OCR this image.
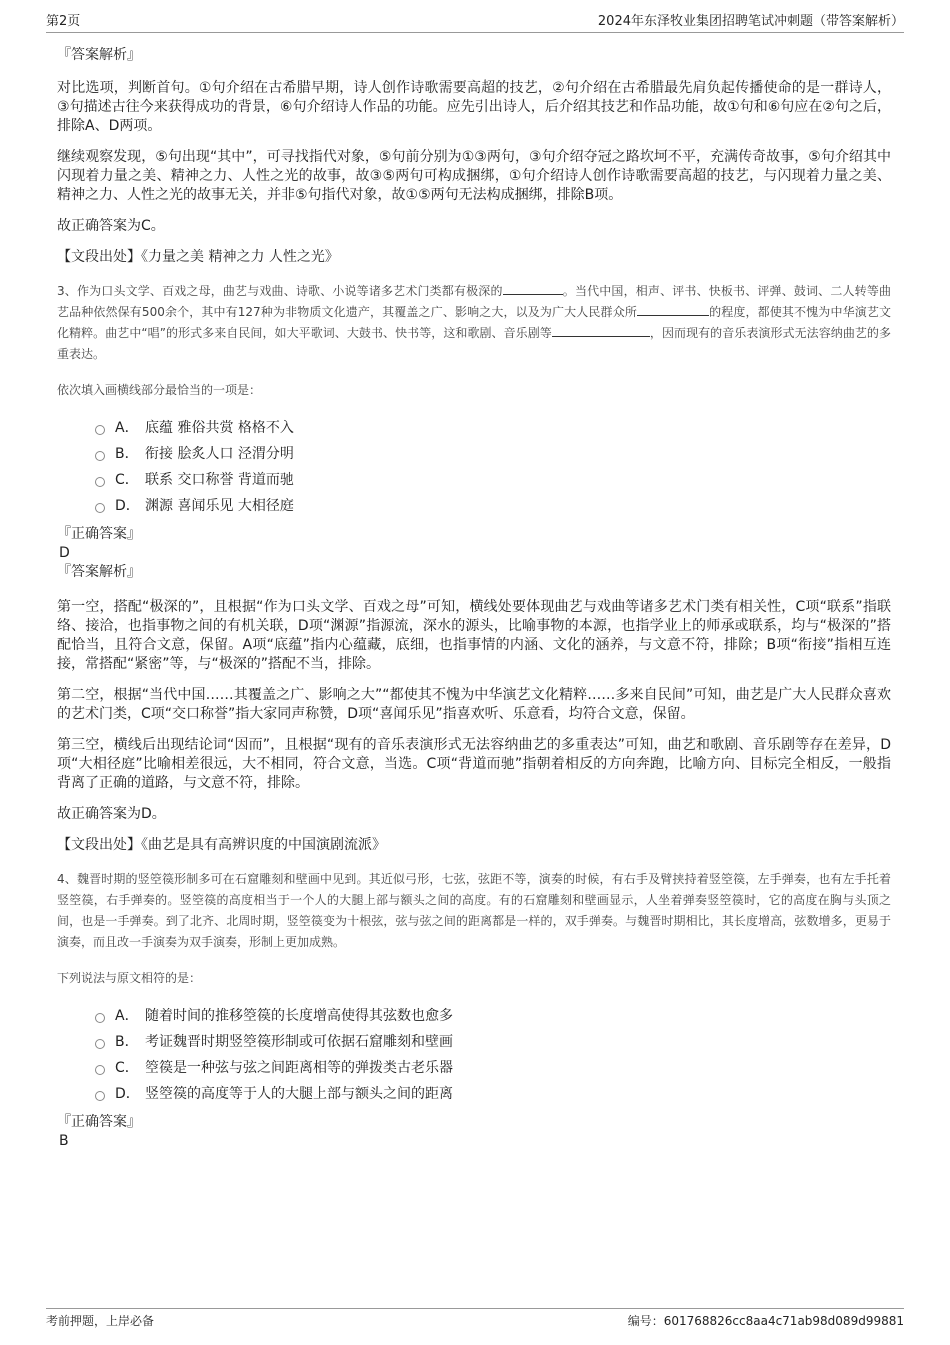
第2页	2024年东泽牧业集团招聘笔试冲刺题（带答案解析）
『答案解析』
对比选项，判断首句。①句介绍在古希腊早期，诗人创作诗歌需要高超的技艺，②句介绍在古希腊最先肩负起传播使命的是一群诗人，③句描述古往今来获得成功的背景，⑥句介绍诗人作品的功能。应先引出诗人，后介绍其技艺和作品功能，故①句和⑥句应在②句之后，排除A、D两项。
继续观察发现，⑤句出现“其中”，可寻找指代对象，⑤句前分别为①③两句，③句介绍夺冠之路坎坷不平，充满传奇故事，⑤句介绍其中闪现着力量之美、精神之力、人性之光的故事，故③⑤两句可构成捆绑，①句介绍诗人创作诗歌需要高超的技艺，与闪现着力量之美、精神之力、人性之光的故事无关，并非⑤句指代对象，故①⑤两句无法构成捆绑，排除B项。
故正确答案为C。
【文段出处】《力量之美 精神之力 人性之光》
3、作为口头文学、百戏之母，曲艺与戏曲、诗歌、小说等诸多艺术门类都有极深的	。当代中国，相声、评书、快板书、评弹、鼓词、二人转等曲艺品种依然保有500余个，其中有127种为非物质文化遗产，其覆盖之广、影响之大，以及为广大人民群众所	的程度，都使其不愧为中华演艺文化精粹。曲艺中“唱”的形式多来自民间，如大平歌词、大鼓书、快书等，这和歌剧、音乐剧等	，因而现有的音乐表演形式无法容纳曲艺的多重表达。
依次填入画横线部分最恰当的一项是：
A． 底蕴 雅俗共赏 格格不入
B． 衔接 脍炙人口 泾渭分明
C． 联系 交口称誉 背道而驰
D． 渊源 喜闻乐见 大相径庭
『正确答案』
D
『答案解析』
第一空，搭配“极深的”，且根据“作为口头文学、百戏之母”可知，横线处要体现曲艺与戏曲等诸多艺术门类有相关性，C项“联系”指联络、接洽，也指事物之间的有机关联，D项“渊源”指源流，深水的源头，比喻事物的本源，也指学业上的师承或联系，均与“极深的”搭配恰当，且符合文意，保留。A项“底蕴”指内心蕴藏，底细，也指事情的内涵、文化的涵养，与文意不符，排除；B项“衔接”指相互连接，常搭配“紧密”等，与“极深的”搭配不当，排除。
第二空，根据“当代中国……其覆盖之广、影响之大”“都使其不愧为中华演艺文化精粹……多来自民间”可知，曲艺是广大人民群众喜欢的艺术门类，C项“交口称誉”指大家同声称赞，D项“喜闻乐见”指喜欢听、乐意看，均符合文意，保留。
第三空，横线后出现结论词“因而”，且根据“现有的音乐表演形式无法容纳曲艺的多重表达”可知，曲艺和歌剧、音乐剧等存在差异，D项“大相径庭”比喻相差很远，大不相同，符合文意，当选。C项“背道而驰”指朝着相反的方向奔跑，比喻方向、目标完全相反，一般指背离了正确的道路，与文意不符，排除。
故正确答案为D。
【文段出处】《曲艺是具有高辨识度的中国演剧流派》
4、魏晋时期的竖箜篌形制多可在石窟雕刻和壁画中见到。其近似弓形，七弦，弦距不等，演奏的时候，有右手及臂挟持着竖箜篌，左手弹奏，也有左手托着竖箜篌，右手弹奏的。竖箜篌的高度相当于一个人的大腿上部与额头之间的高度。有的石窟雕刻和壁画显示，人坐着弹奏竖箜篌时，它的高度在胸与头顶之间，也是一手弹奏。到了北齐、北周时期，竖箜篌变为十根弦，弦与弦之间的距离都是一样的，双手弹奏。与魏晋时期相比，其长度增高，弦数增多，更易于演奏，而且改一手演奏为双手演奏，形制上更加成熟。
下列说法与原文相符的是：
A． 随着时间的推移箜篌的长度增高使得其弦数也愈多
B． 考证魏晋时期竖箜篌形制或可依据石窟雕刻和壁画
C． 箜篌是一种弦与弦之间距离相等的弹拨类古老乐器
D． 竖箜篌的高度等于人的大腿上部与额头之间的距离
『正确答案』
B
考前押题，上岸必备	编号：601768826cc8aa4c71ab98d089d99881
